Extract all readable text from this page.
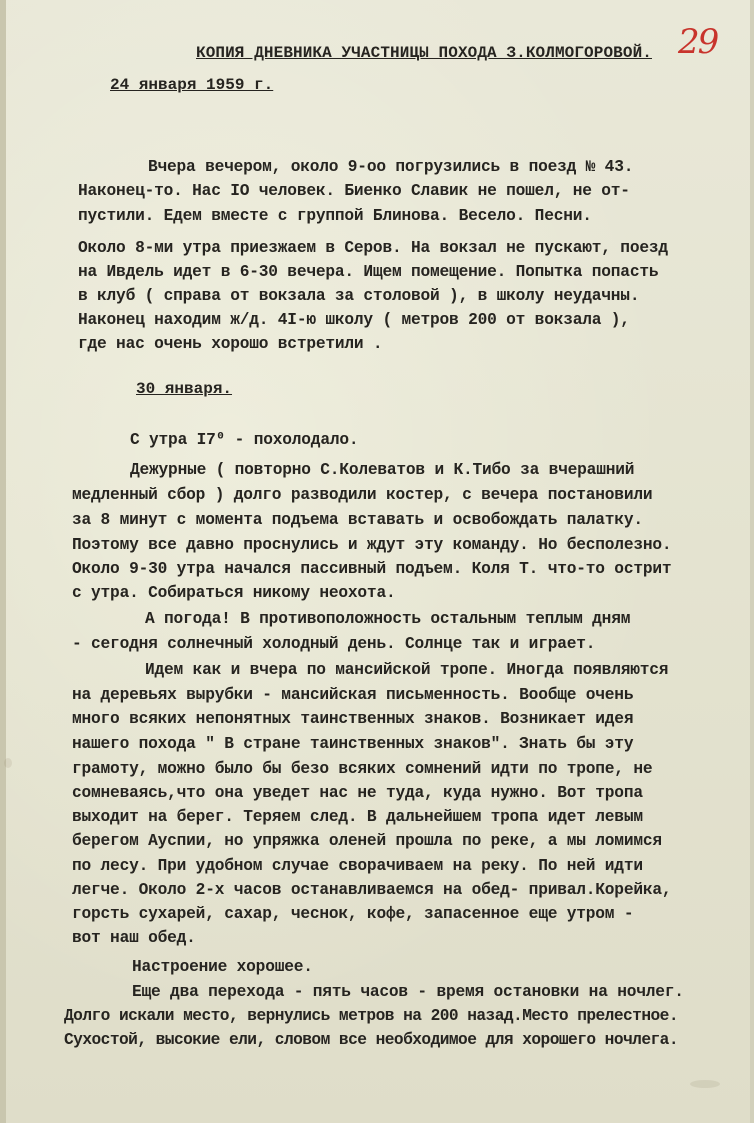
КОПИЯ ДНЕВНИКА УЧАСТНИЦЫ ПОХОДА З.КОЛМОГОРОВОЙ. 29
24 января 1959 г.
Вчера вечером, около 9-оо погрузились в поезд № 43.
Наконец-то. Нас IO человек. Биенко Славик не пошел, не от-
пустили. Едем вместе с группой Блинова. Весело. Песни.
Около 8-ми утра приезжаем в Серов. На вокзал не пускают, поезд
на Ивдель идет в 6-30 вечера. Ищем помещение. Попытка попасть
в клуб ( справа от вокзала за столовой ), в школу неудачны.
Наконец находим ж/д. 4I-ю школу ( метров 200 от вокзала ),
где нас очень хорошо встретили .
30 января.
С утра I7⁰ - похолодало.
Дежурные ( повторно С.Колеватов и К.Тибо за вчерашний
медленный сбор ) долго разводили костер, с вечера постановили
за 8 минут с момента подъема вставать и освобождать палатку.
Поэтому все давно проснулись и ждут эту команду. Но бесполезно.
Около 9-30 утра начался пассивный подъем. Коля Т. что-то острит
с утра. Собираться никому неохота.
А погода! В противоположность остальным теплым дням
- сегодня солнечный холодный день. Солнце так и играет.
Идем как и вчера по мансийской тропе. Иногда появляются
на деревьях вырубки - мансийская письменность. Вообще очень
много всяких непонятных таинственных знаков. Возникает идея
нашего похода " В стране таинственных знаков". Знать бы эту
грамоту, можно было бы безо всяких сомнений идти по тропе, не
сомневаясь,что она уведет нас не туда, куда нужно. Вот тропа
выходит на берег. Теряем след. В дальнейшем тропа идет левым
берегом Ауспии, но упряжка оленей прошла по реке, а мы ломимся
по лесу. При удобном случае сворачиваем на реку. По ней идти
легче. Около 2-х часов останавливаемся на обед- привал.Корейка,
горсть сухарей, сахар, чеснок, кофе, запасенное еще утром -
вот наш обед.
Настроение хорошее.
Еще два перехода - пять часов - время остановки на ночлег.
Долго искали место, вернулись метров на 200 назад.Место прелестное.
Сухостой, высокие ели, словом все необходимое для хорошего ночлега.
